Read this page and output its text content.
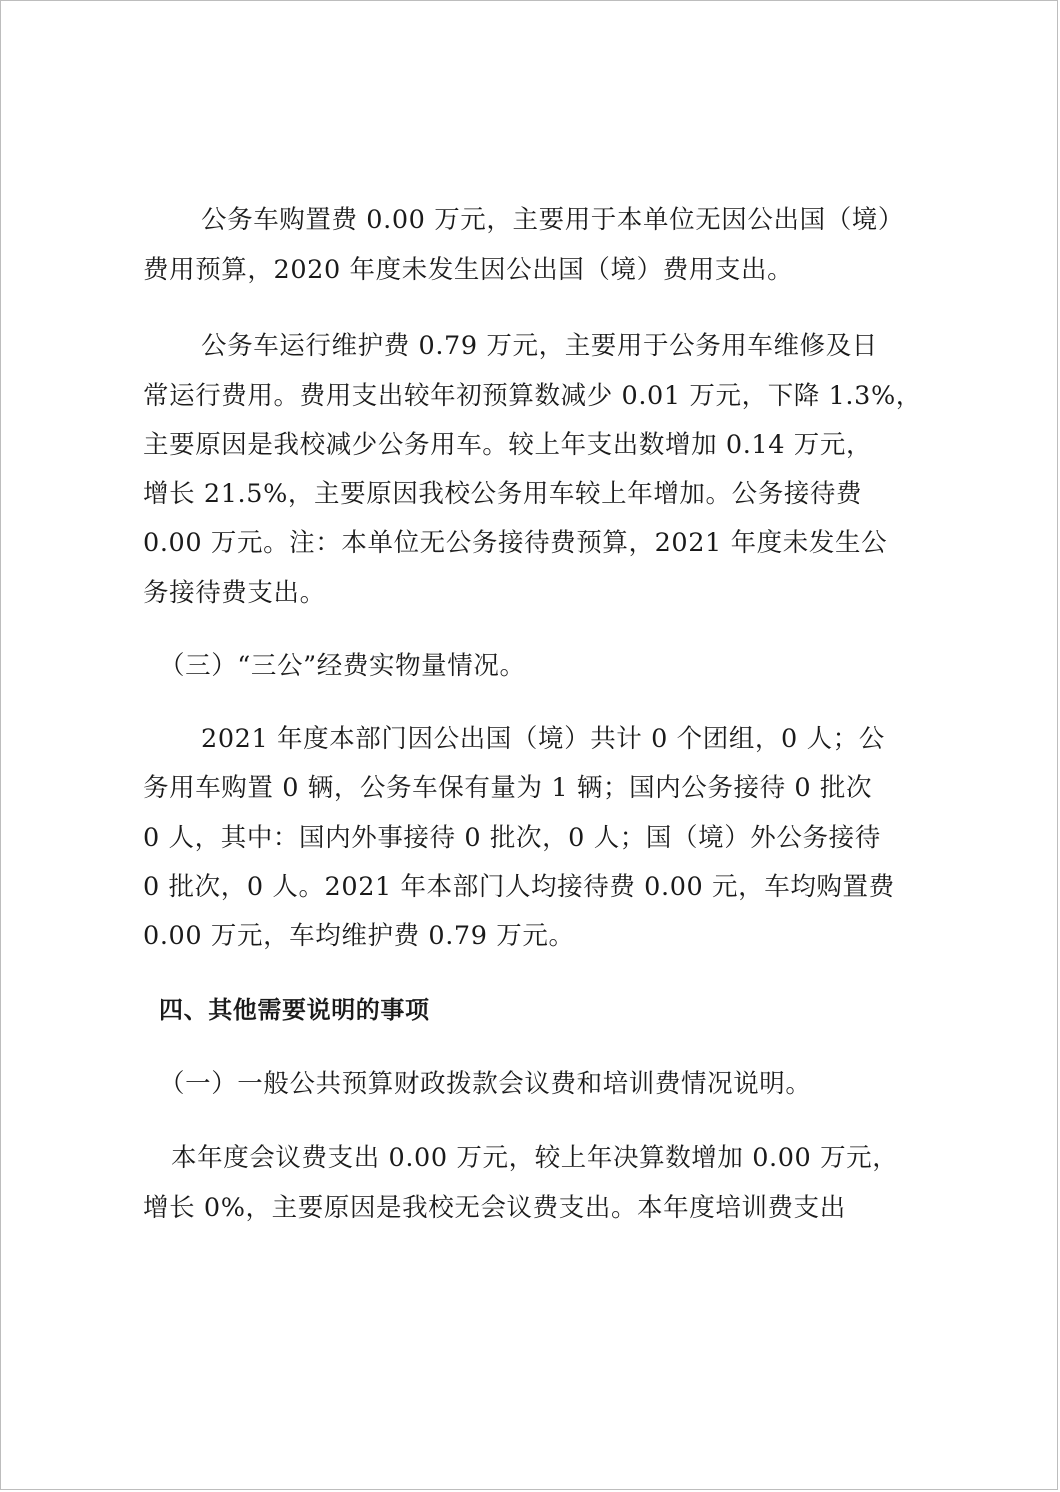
公务车购置费 0.00 万元，主要用于本单位无因公出国（境）
费用预算，2020 年度未发生因公出国（境）费用支出。
公务车运行维护费 0.79 万元，主要用于公务用车维修及日
常运行费用。费用支出较年初预算数减少 0.01 万元，下降 1.3%，
主要原因是我校减少公务用车。较上年支出数增加 0.14 万元，
增长 21.5%，主要原因我校公务用车较上年增加。公务接待费
0.00 万元。注：本单位无公务接待费预算，2021 年度未发生公
务接待费支出。
（三）“三公”经费实物量情况。
2021 年度本部门因公出国（境）共计 0 个团组，0 人；公
务用车购置 0 辆，公务车保有量为 1 辆；国内公务接待 0 批次
0 人，其中：国内外事接待 0 批次，0 人；国（境）外公务接待
0 批次，0 人。2021 年本部门人均接待费 0.00 元，车均购置费
0.00 万元，车均维护费 0.79 万元。
四、其他需要说明的事项
（一）一般公共预算财政拨款会议费和培训费情况说明。
本年度会议费支出 0.00 万元，较上年决算数增加 0.00 万元，
增长 0%，主要原因是我校无会议费支出。本年度培训费支出
